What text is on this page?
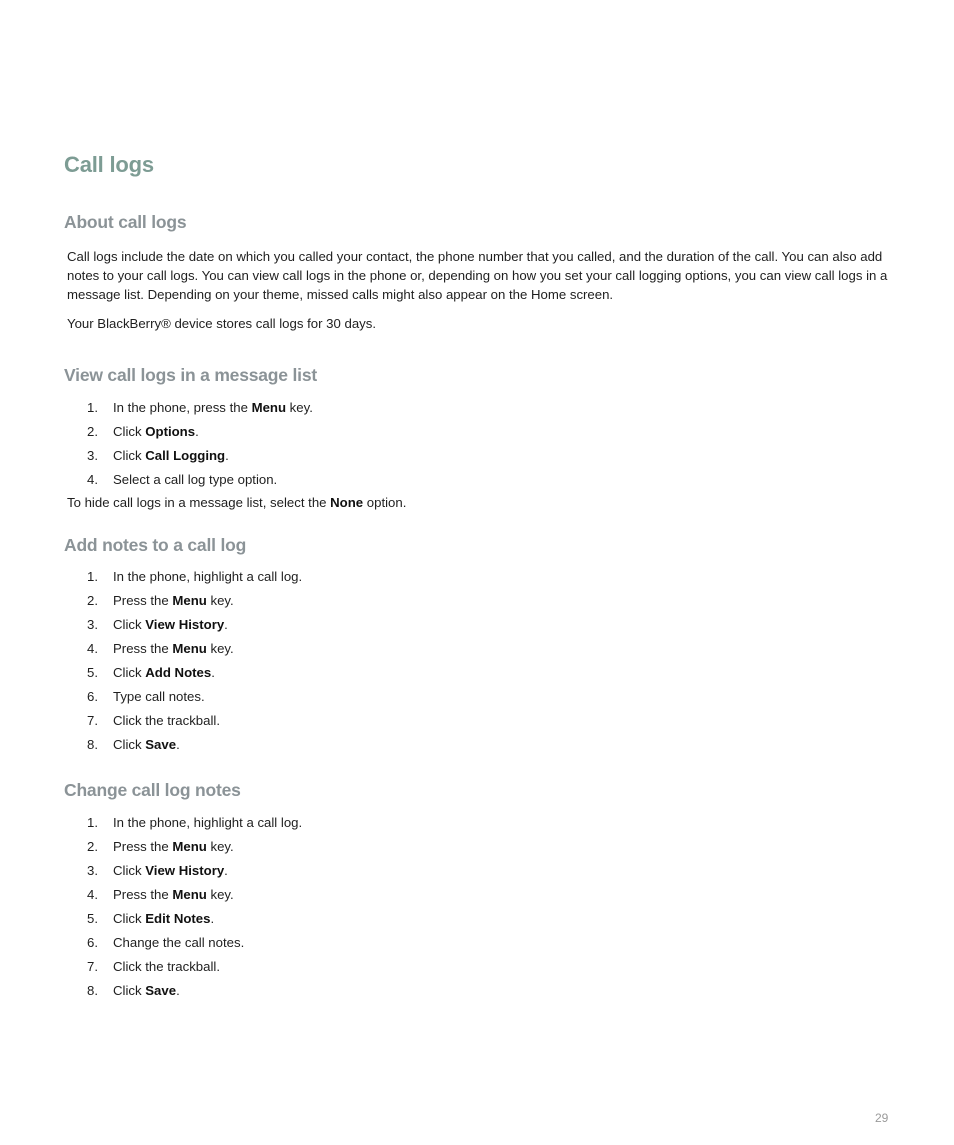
Call logs
About call logs

Call logs include the date on which you called your contact, the phone number that you called, and the duration of the call. You can also add notes to your call logs. You can view call logs in the phone or, depending on how you set your call logging options, you can view call logs in a message list. Depending on your theme, missed calls might also appear on the Home screen.

Your BlackBerry® device stores call logs for 30 days.

View call logs in a message list
1. In the phone, press the Menu key.
2. Click Options.
3. Click Call Logging.
4. Select a call log type option.

To hide call logs in a message list, select the None option.

Add notes to a call log
1. In the phone, highlight a call log.
2. Press the Menu key.
3. Click View History.
4. Press the Menu key.
5. Click Add Notes.
6. Type call notes.
7. Click the trackball.
8. Click Save.
Change call log notes
1. In the phone, highlight a call log.
2. Press the Menu key.
3. Click View History.
4. Press the Menu key.
5. Click Edit Notes.
6. Change the call notes.
7. Click the trackball.
8. Click Save.
29
